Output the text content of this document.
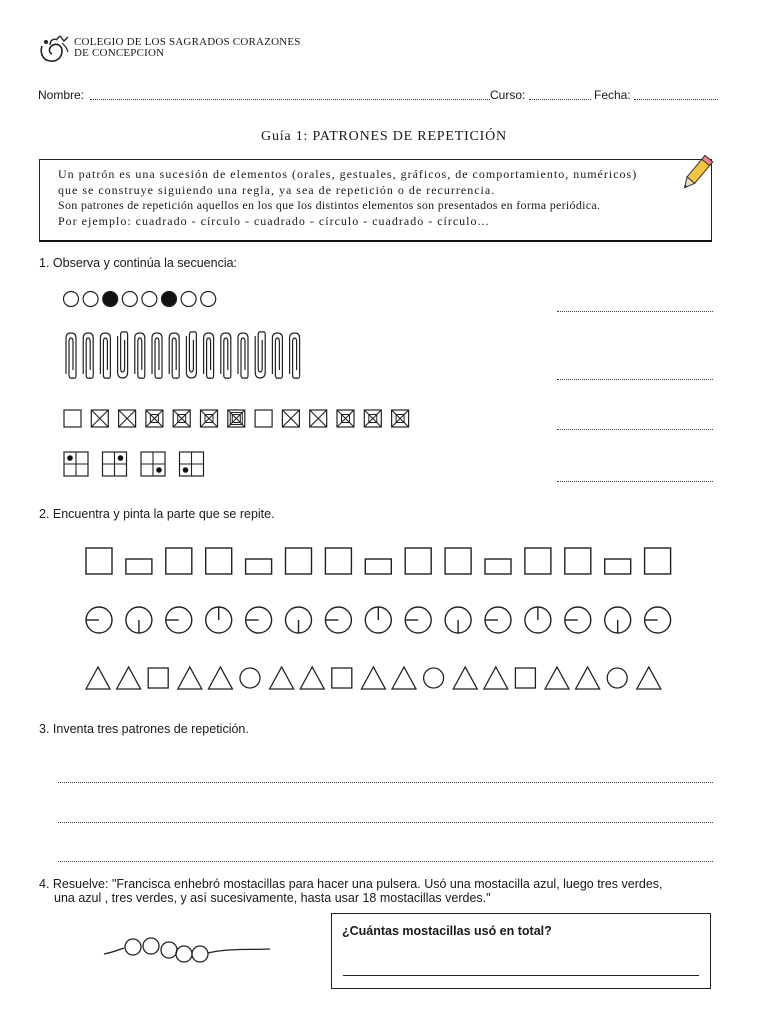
COLEGIO DE LOS SAGRADOS CORAZONES
DE CONCEPCION
Nombre:	Curso:	Fecha:
Guía 1: PATRONES DE REPETICIÓN
Un patrón es una sucesión de elementos (orales, gestuales, gráficos, de comportamiento, numéricos)
que se construye siguiendo una regla, ya sea de repetición o de recurrencia.
Son patrones de repetición aquellos en los que los distintos elementos son presentados en forma periódica.
Por ejemplo: cuadrado - círculo - cuadrado - círculo - cuadrado - círculo...
1. Observa y continúa la secuencia:
2. Encuentra y pinta la parte que se repite.
3. Inventa tres patrones de repetición.
4. Resuelve: "Francisca enhebró mostacillas para hacer una pulsera. Usó una mostacilla azul, luego tres verdes,
una azul , tres verdes, y así sucesivamente, hasta usar 18 mostacillas verdes."
¿Cuántas mostacillas usó en total?
